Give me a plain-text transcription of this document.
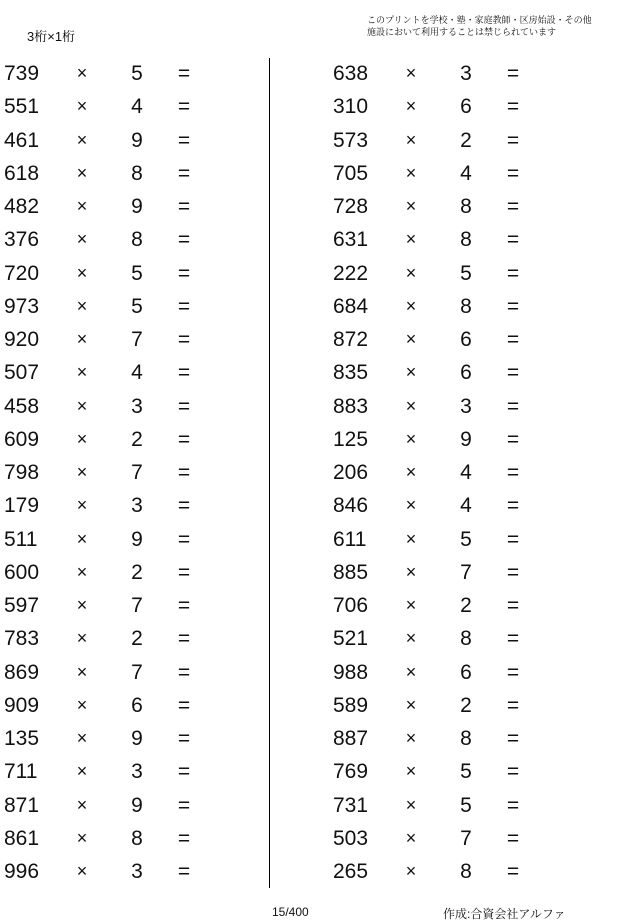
3桁×1桁
このプリントを学校・塾・家庭教師・区房始設・その他
施設において利用することは禁じられています
739	× 5 =
551	× 4 =
461	× 9 =
618	× 8 =
482	× 9 =
376	× 8 =
720	× 5 =
973	× 5 =
920	× 7 =
507	× 4 =
458	× 3 =
609	× 2 =
798	× 7 =
179	× 3 =
511	× 9 =
600	× 2 =
597	× 7 =
783	× 2 =
869	× 7 =
909	× 6 =
135	× 9 =
711	× 3 =
871	× 9 =
861	× 8 =
996	× 3 =
638	× 3 =
310	× 6 =
573	× 2 =
705	× 4 =
728	× 8 =
631	× 8 =
222	× 5 =
684	× 8 =
872	× 6 =
835	× 6 =
883	× 3 =
125	× 9 =
206	× 4 =
846	× 4 =
611	× 5 =
885	× 7 =
706	× 2 =
521	× 8 =
988	× 6 =
589	× 2 =
887	× 8 =
769	× 5 =
731	× 5 =
503	× 7 =
265	× 8 =
15/400	作成:合資会社アルファ
